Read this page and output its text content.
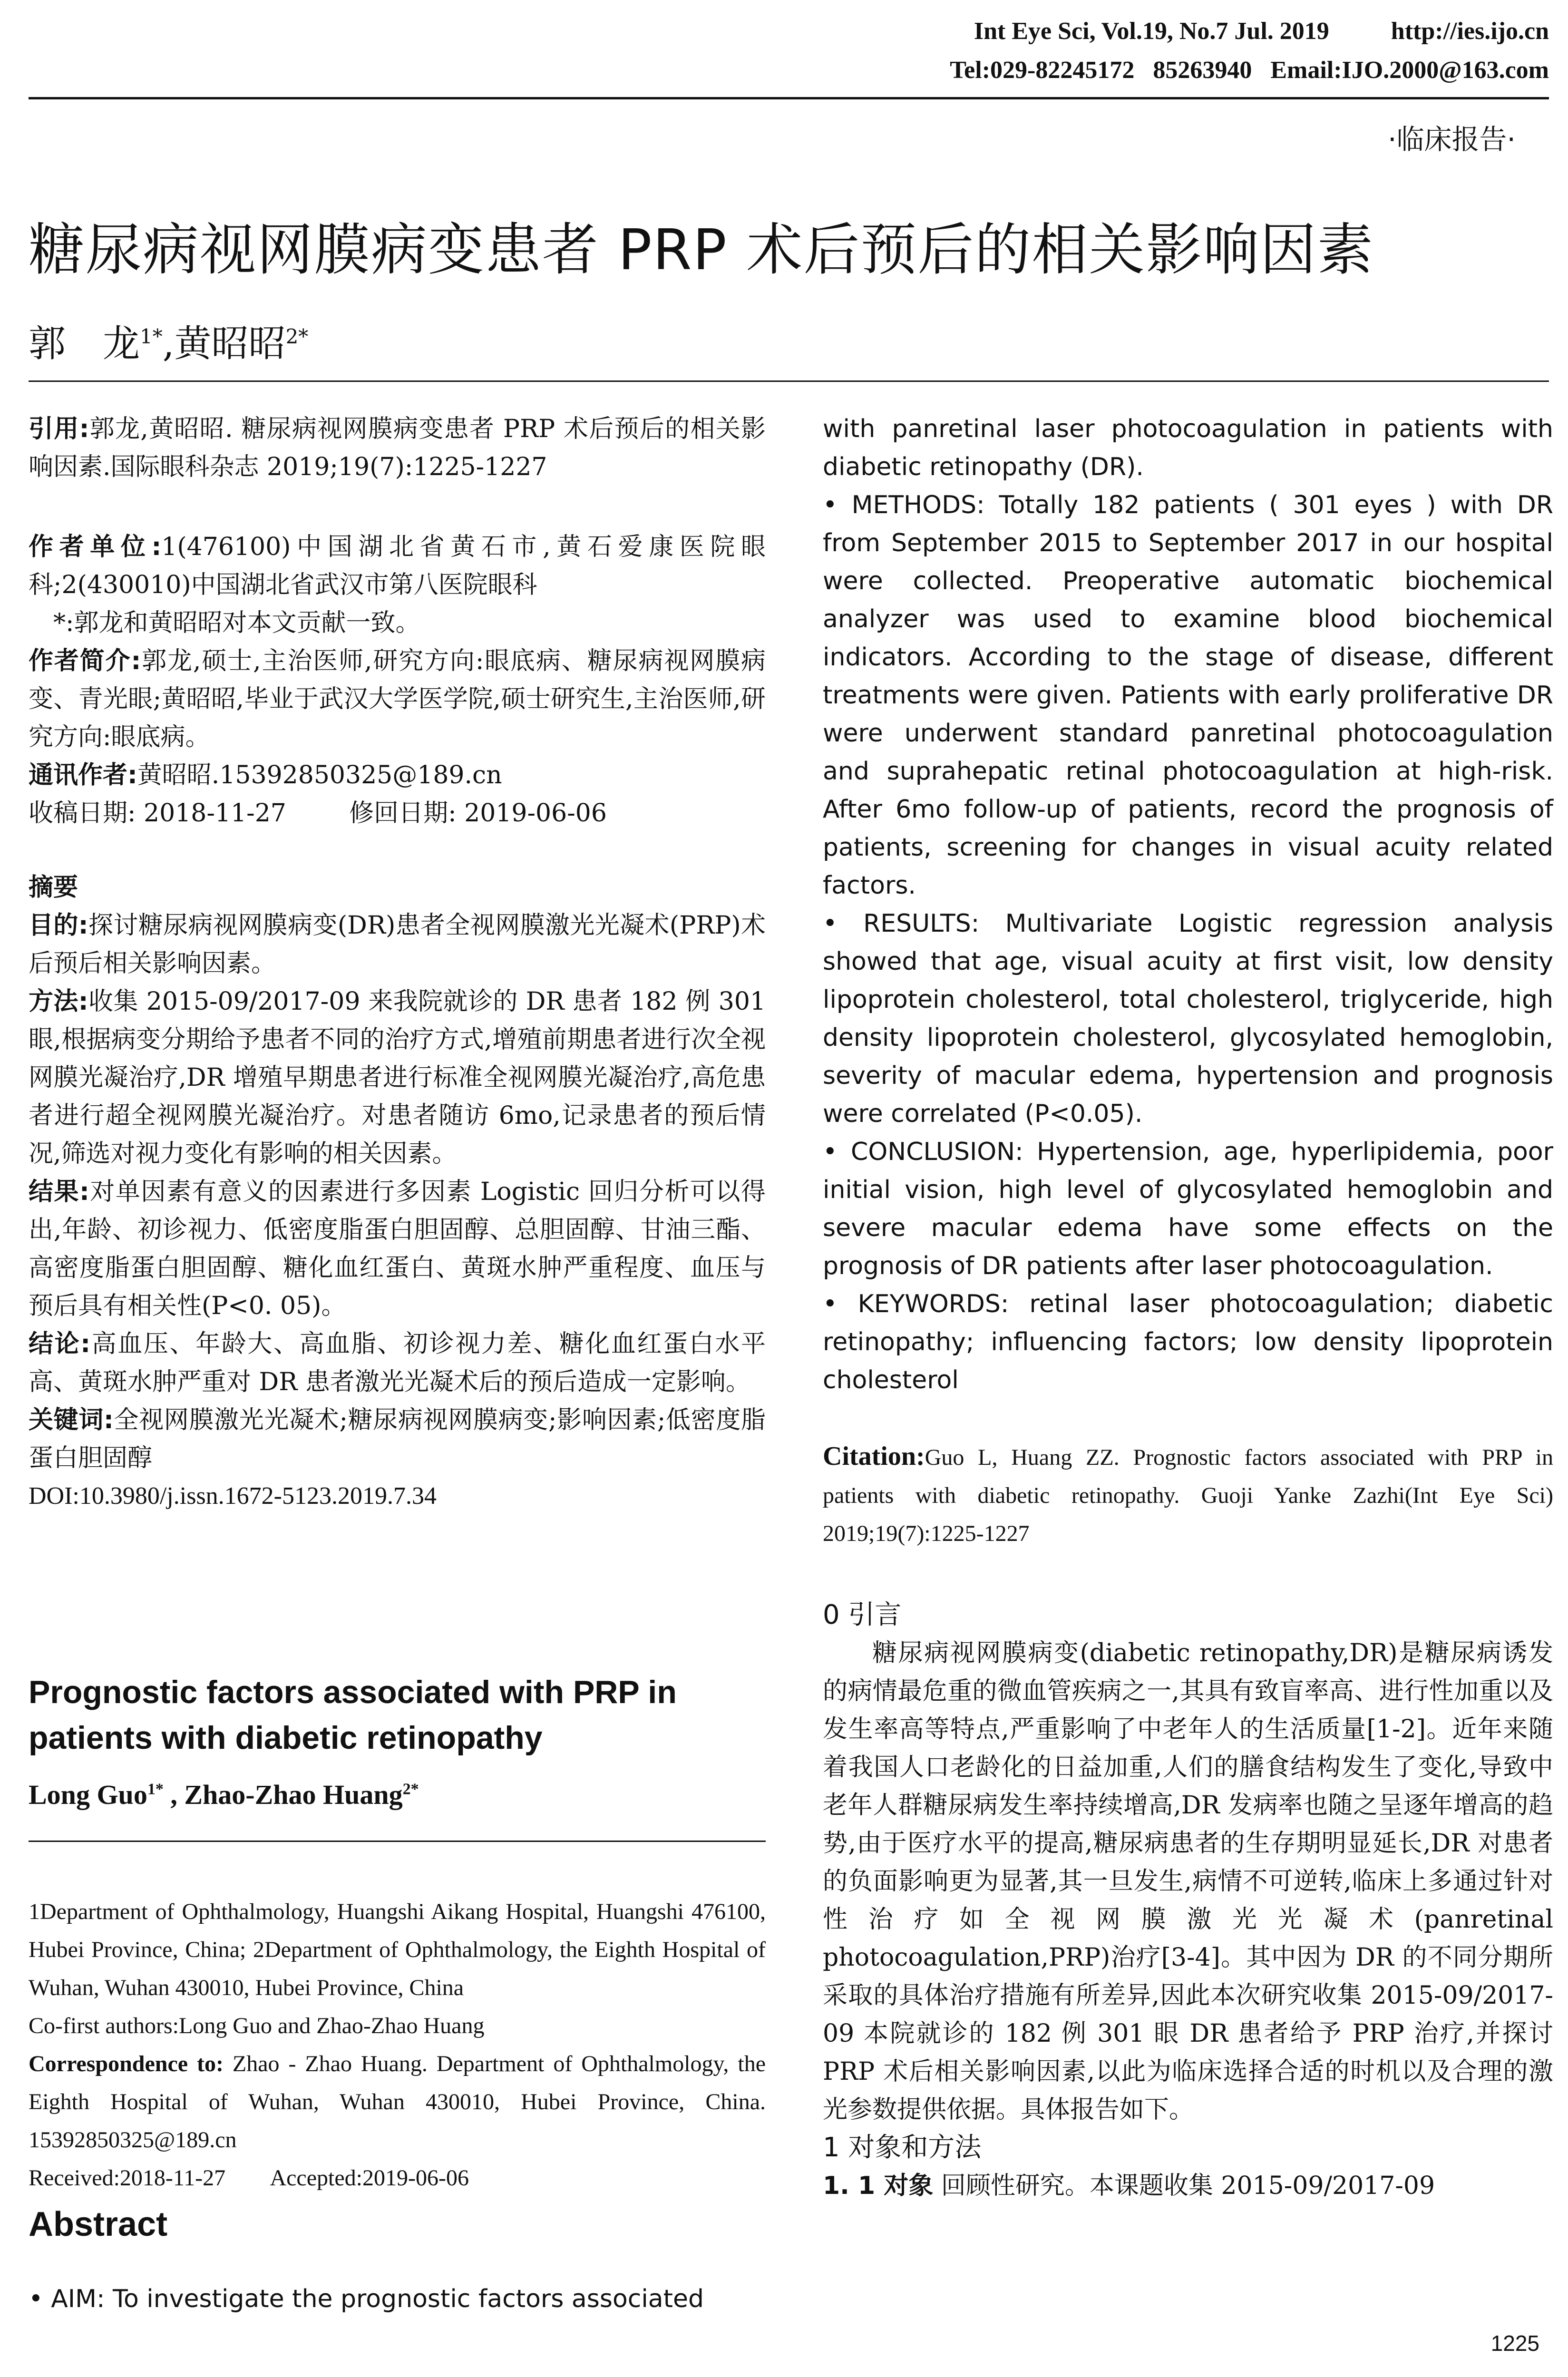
Int Eye Sci, Vol.19, No.7 Jul. 2019          http://ies.ijo.cn
Tel:029-82245172   85263940   Email:IJO.2000@163.com
·临床报告·
糖尿病视网膜病变患者 PRP 术后预后的相关影响因素
郭　龙$^{1*}$,黄昭昭$^{2*}$

引用:郭龙,黄昭昭. 糖尿病视网膜病变患者 PRP 术后预后的相关影响因素.国际眼科杂志 2019;19(7):1225-1227

作者单位:1(476100)中国湖北省黄石市,黄石爱康医院眼科;2(430010)中国湖北省武汉市第八医院眼科

*:郭龙和黄昭昭对本文贡献一致。

作者简介:郭龙,硕士,主治医师,研究方向:眼底病、糖尿病视网膜病变、青光眼;黄昭昭,毕业于武汉大学医学院,硕士研究生,主治医师,研究方向:眼底病。

通讯作者:黄昭昭.15392850325@189.cn

收稿日期: 2018-11-27        修回日期: 2019-06-06

摘要

目的:探讨糖尿病视网膜病变(DR)患者全视网膜激光光凝术(PRP)术后预后相关影响因素。

方法:收集 2015-09/2017-09 来我院就诊的 DR 患者 182 例 301 眼,根据病变分期给予患者不同的治疗方式,增殖前期患者进行次全视网膜光凝治疗,DR 增殖早期患者进行标准全视网膜光凝治疗,高危患者进行超全视网膜光凝治疗。对患者随访 6mo,记录患者的预后情况,筛选对视力变化有影响的相关因素。

结果:对单因素有意义的因素进行多因素 Logistic 回归分析可以得出,年龄、初诊视力、低密度脂蛋白胆固醇、总胆固醇、甘油三酯、高密度脂蛋白胆固醇、糖化血红蛋白、黄斑水肿严重程度、血压与预后具有相关性(P<0. 05)。

结论:高血压、年龄大、高血脂、初诊视力差、糖化血红蛋白水平高、黄斑水肿严重对 DR 患者激光光凝术后的预后造成一定影响。

关键词:全视网膜激光光凝术;糖尿病视网膜病变;影响因素;低密度脂蛋白胆固醇

DOI:10.3980/j.issn.1672-5123.2019.7.34

Prognostic factors associated with PRP in patients with diabetic retinopathy
Long Guo$^{1*}$ , Zhao-Zhao Huang$^{2*}$

1Department of Ophthalmology, Huangshi Aikang Hospital, Huangshi 476100, Hubei Province, China; 2Department of Ophthalmology, the Eighth Hospital of Wuhan, Wuhan 430010, Hubei Province, China

Co-first authors:Long Guo and Zhao-Zhao Huang

Correspondence to: Zhao - Zhao Huang. Department of Ophthalmology, the Eighth Hospital of Wuhan, Wuhan 430010, Hubei Province, China. 15392850325@189.cn

Received:2018-11-27        Accepted:2019-06-06

Abstract
• AIM: To investigate the prognostic factors associated

with panretinal laser photocoagulation in patients with diabetic retinopathy (DR).

• METHODS: Totally 182 patients ( 301 eyes ) with DR from September 2015 to September 2017 in our hospital were collected. Preoperative automatic biochemical analyzer was used to examine blood biochemical indicators. According to the stage of disease, different treatments were given. Patients with early proliferative DR were underwent standard panretinal photocoagulation and suprahepatic retinal photocoagulation at high-risk. After 6mo follow-up of patients, record the prognosis of patients, screening for changes in visual acuity related factors.

• RESULTS: Multivariate Logistic regression analysis showed that age, visual acuity at first visit, low density lipoprotein cholesterol, total cholesterol, triglyceride, high density lipoprotein cholesterol, glycosylated hemoglobin, severity of macular edema, hypertension and prognosis were correlated (P<0.05).

• CONCLUSION: Hypertension, age, hyperlipidemia, poor initial vision, high level of glycosylated hemoglobin and severe macular edema have some effects on the prognosis of DR patients after laser photocoagulation.

• KEYWORDS: retinal laser photocoagulation; diabetic retinopathy; influencing factors; low density lipoprotein cholesterol

Citation:Guo L, Huang ZZ. Prognostic factors associated with PRP in patients with diabetic retinopathy. Guoji Yanke Zazhi(Int Eye Sci) 2019;19(7):1225-1227

0 引言

糖尿病视网膜病变(diabetic retinopathy,DR)是糖尿病诱发的病情最危重的微血管疾病之一,其具有致盲率高、进行性加重以及发生率高等特点,严重影响了中老年人的生活质量[1-2]。近年来随着我国人口老龄化的日益加重,人们的膳食结构发生了变化,导致中老年人群糖尿病发生率持续增高,DR 发病率也随之呈逐年增高的趋势,由于医疗水平的提高,糖尿病患者的生存期明显延长,DR 对患者的负面影响更为显著,其一旦发生,病情不可逆转,临床上多通过针对性治疗如全视网膜激光光凝术(panretinal photocoagulation,PRP)治疗[3-4]。其中因为 DR 的不同分期所采取的具体治疗措施有所差异,因此本次研究收集 2015-09/2017-09 本院就诊的 182 例 301 眼 DR 患者给予 PRP 治疗,并探讨 PRP 术后相关影响因素,以此为临床选择合适的时机以及合理的激光参数提供依据。具体报告如下。

1 对象和方法

1. 1 对象 回顾性研究。本课题收集 2015-09/2017-09

1225
